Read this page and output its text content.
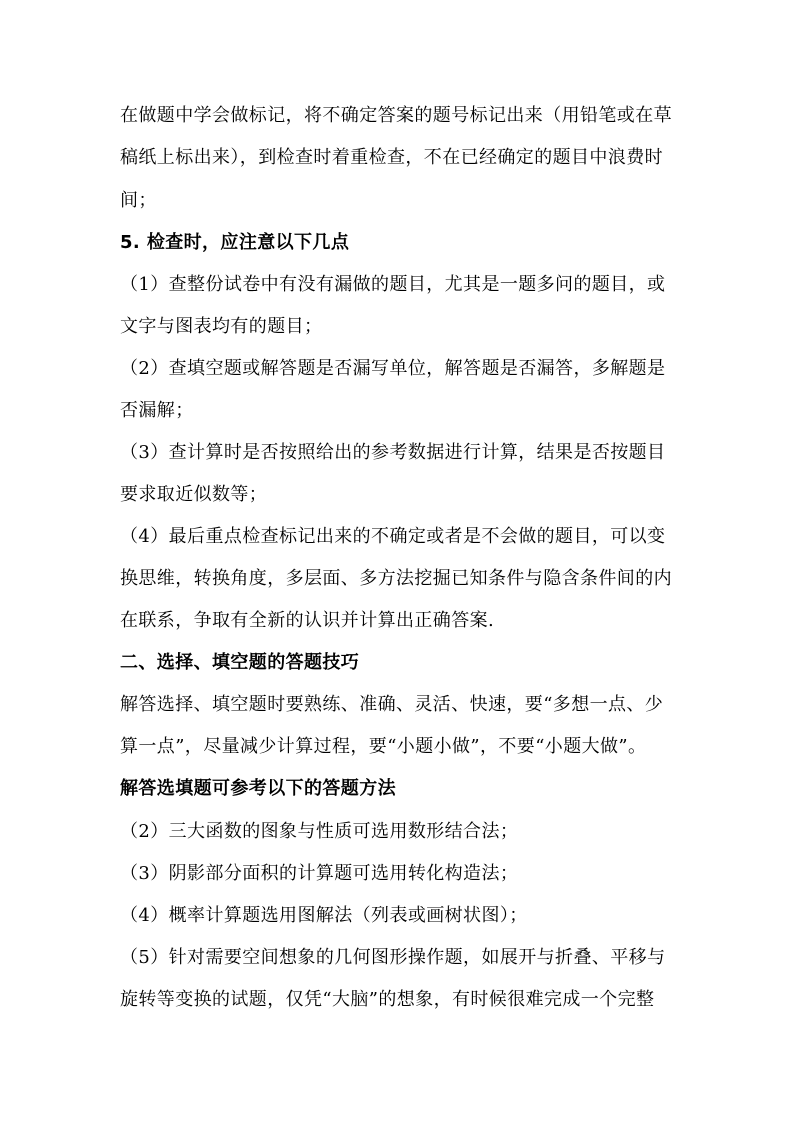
在做题中学会做标记，将不确定答案的题号标记出来（用铅笔或在草
稿纸上标出来），到检查时着重检查，不在已经确定的题目中浪费时
间；
5. 检查时，应注意以下几点
（1）查整份试卷中有没有漏做的题目，尤其是一题多问的题目，或
文字与图表均有的题目；
（2）查填空题或解答题是否漏写单位，解答题是否漏答，多解题是
否漏解；
（3）查计算时是否按照给出的参考数据进行计算，结果是否按题目
要求取近似数等；
（4）最后重点检查标记出来的不确定或者是不会做的题目，可以变
换思维，转换角度，多层面、多方法挖掘已知条件与隐含条件间的内
在联系，争取有全新的认识并计算出正确答案.
二、选择、填空题的答题技巧
解答选择、填空题时要熟练、准确、灵活、快速，要“多想一点、少
算一点”，尽量减少计算过程，要“小题小做”，不要“小题大做”。
解答选填题可参考以下的答题方法
（2）三大函数的图象与性质可选用数形结合法；
（3）阴影部分面积的计算题可选用转化构造法；
（4）概率计算题选用图解法（列表或画树状图）；
（5）针对需要空间想象的几何图形操作题，如展开与折叠、平移与
旋转等变换的试题，仅凭“大脑”的想象，有时候很难完成一个完整
